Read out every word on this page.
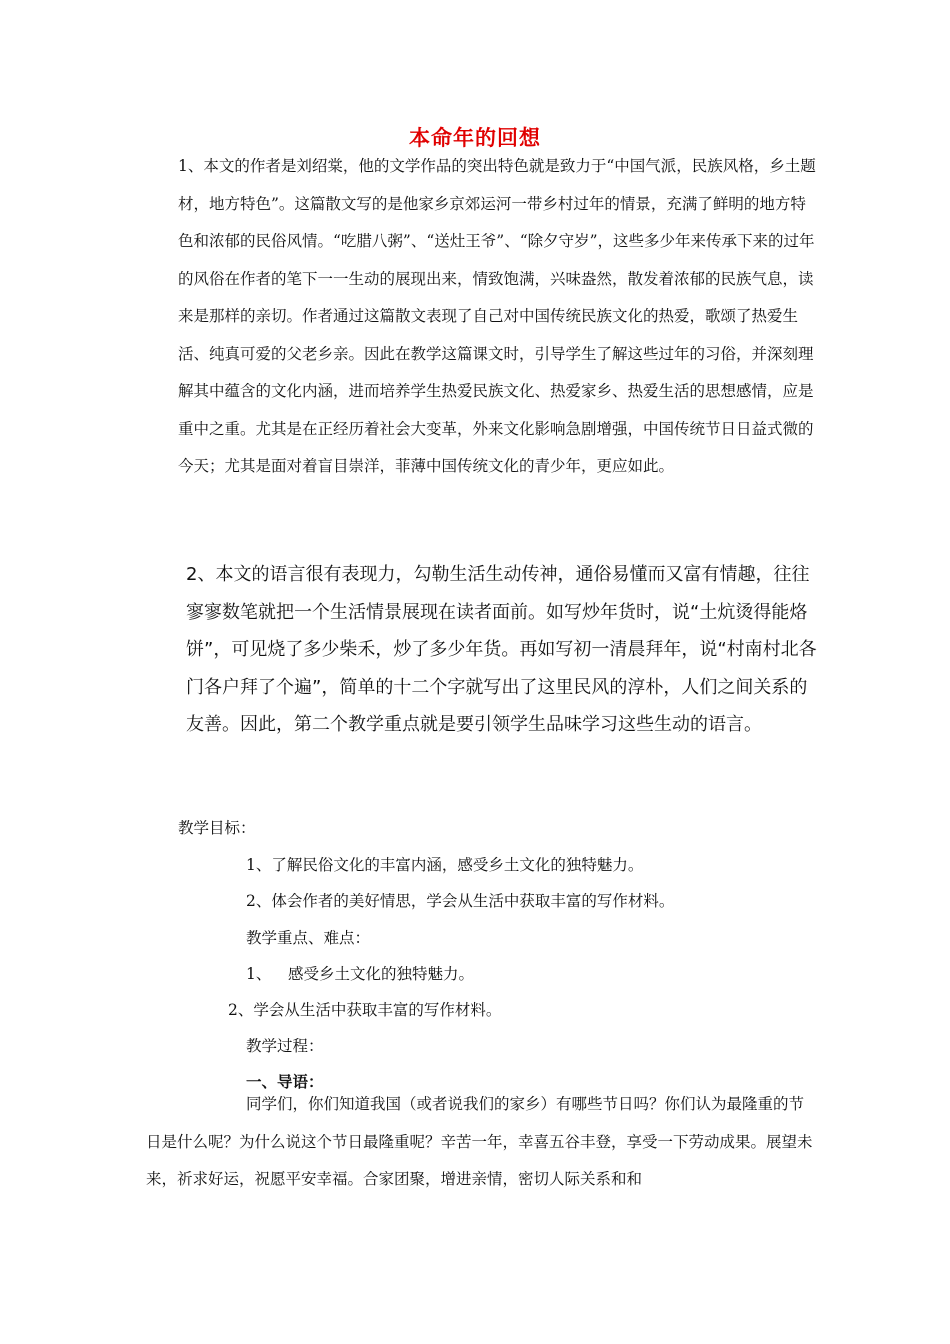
本命年的回想
1、本文的作者是刘绍棠，他的文学作品的突出特色就是致力于“中国气派，民族风格，乡土题材，地方特色”。这篇散文写的是他家乡京郊运河一带乡村过年的情景，充满了鲜明的地方特色和浓郁的民俗风情。“吃腊八粥”、“送灶王爷”、“除夕守岁”，这些多少年来传承下来的过年的风俗在作者的笔下一一生动的展现出来，情致饱满，兴味盎然，散发着浓郁的民族气息，读来是那样的亲切。作者通过这篇散文表现了自己对中国传统民族文化的热爱，歌颂了热爱生活、纯真可爱的父老乡亲。因此在教学这篇课文时，引导学生了解这些过年的习俗，并深刻理解其中蕴含的文化内涵，进而培养学生热爱民族文化、热爱家乡、热爱生活的思想感情，应是重中之重。尤其是在正经历着社会大变革，外来文化影响急剧增强，中国传统节日日益式微的今天；尤其是面对着盲目崇洋，菲薄中国传统文化的青少年，更应如此。
2、本文的语言很有表现力，勾勒生活生动传神，通俗易懂而又富有情趣，往往寥寥数笔就把一个生活情景展现在读者面前。如写炒年货时，说“土炕烫得能烙饼”，可见烧了多少柴禾，炒了多少年货。再如写初一清晨拜年，说“村南村北各门各户拜了个遍”，简单的十二个字就写出了这里民风的淳朴，人们之间关系的友善。因此，第二个教学重点就是要引领学生品味学习这些生动的语言。
教学目标：
1、了解民俗文化的丰富内涵，感受乡土文化的独特魅力。
2、体会作者的美好情思，学会从生活中获取丰富的写作材料。
教学重点、难点：
1、 感受乡土文化的独特魅力。
2、学会从生活中获取丰富的写作材料。
教学过程：
一、导语：
同学们，你们知道我国（或者说我们的家乡）有哪些节日吗？你们认为最隆重的节日是什么呢？为什么说这个节日最隆重呢？辛苦一年，幸喜五谷丰登，享受一下劳动成果。展望未来，祈求好运，祝愿平安幸福。合家团聚，增进亲情，密切人际关系和和
